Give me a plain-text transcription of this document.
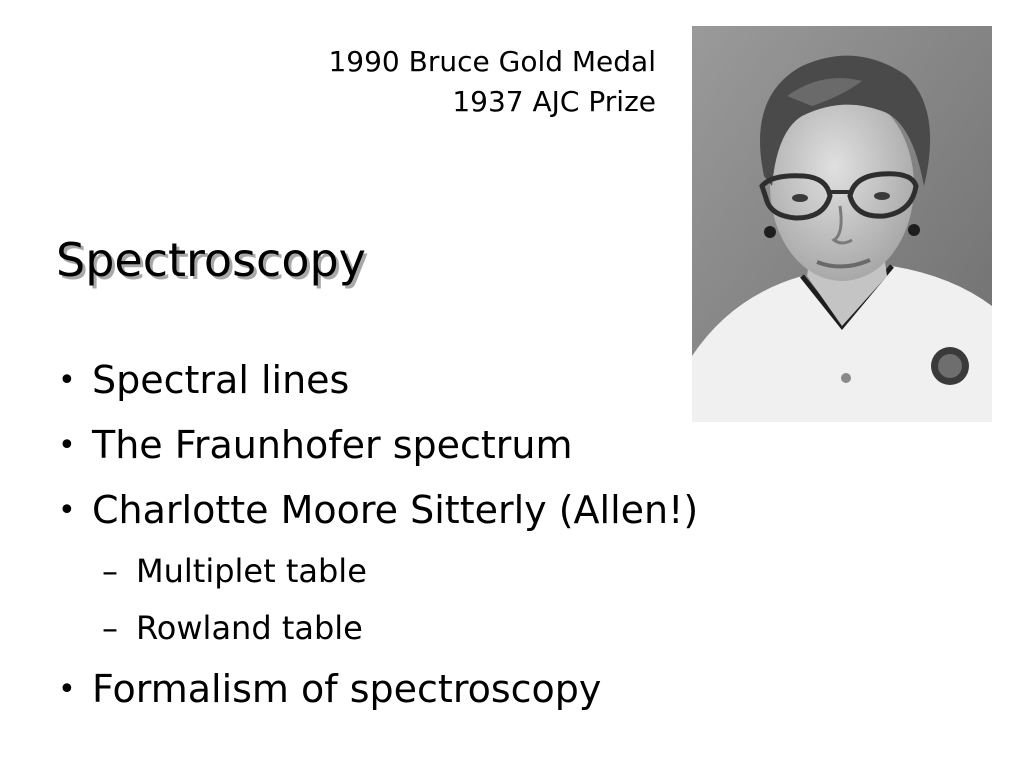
1990 Bruce Gold Medal
1937 AJC Prize
Spectroscopy
• Spectral lines
• The Fraunhofer spectrum
• Charlotte Moore Sitterly (Allen!)
– Multiplet table
– Rowland table
• Formalism of spectroscopy
